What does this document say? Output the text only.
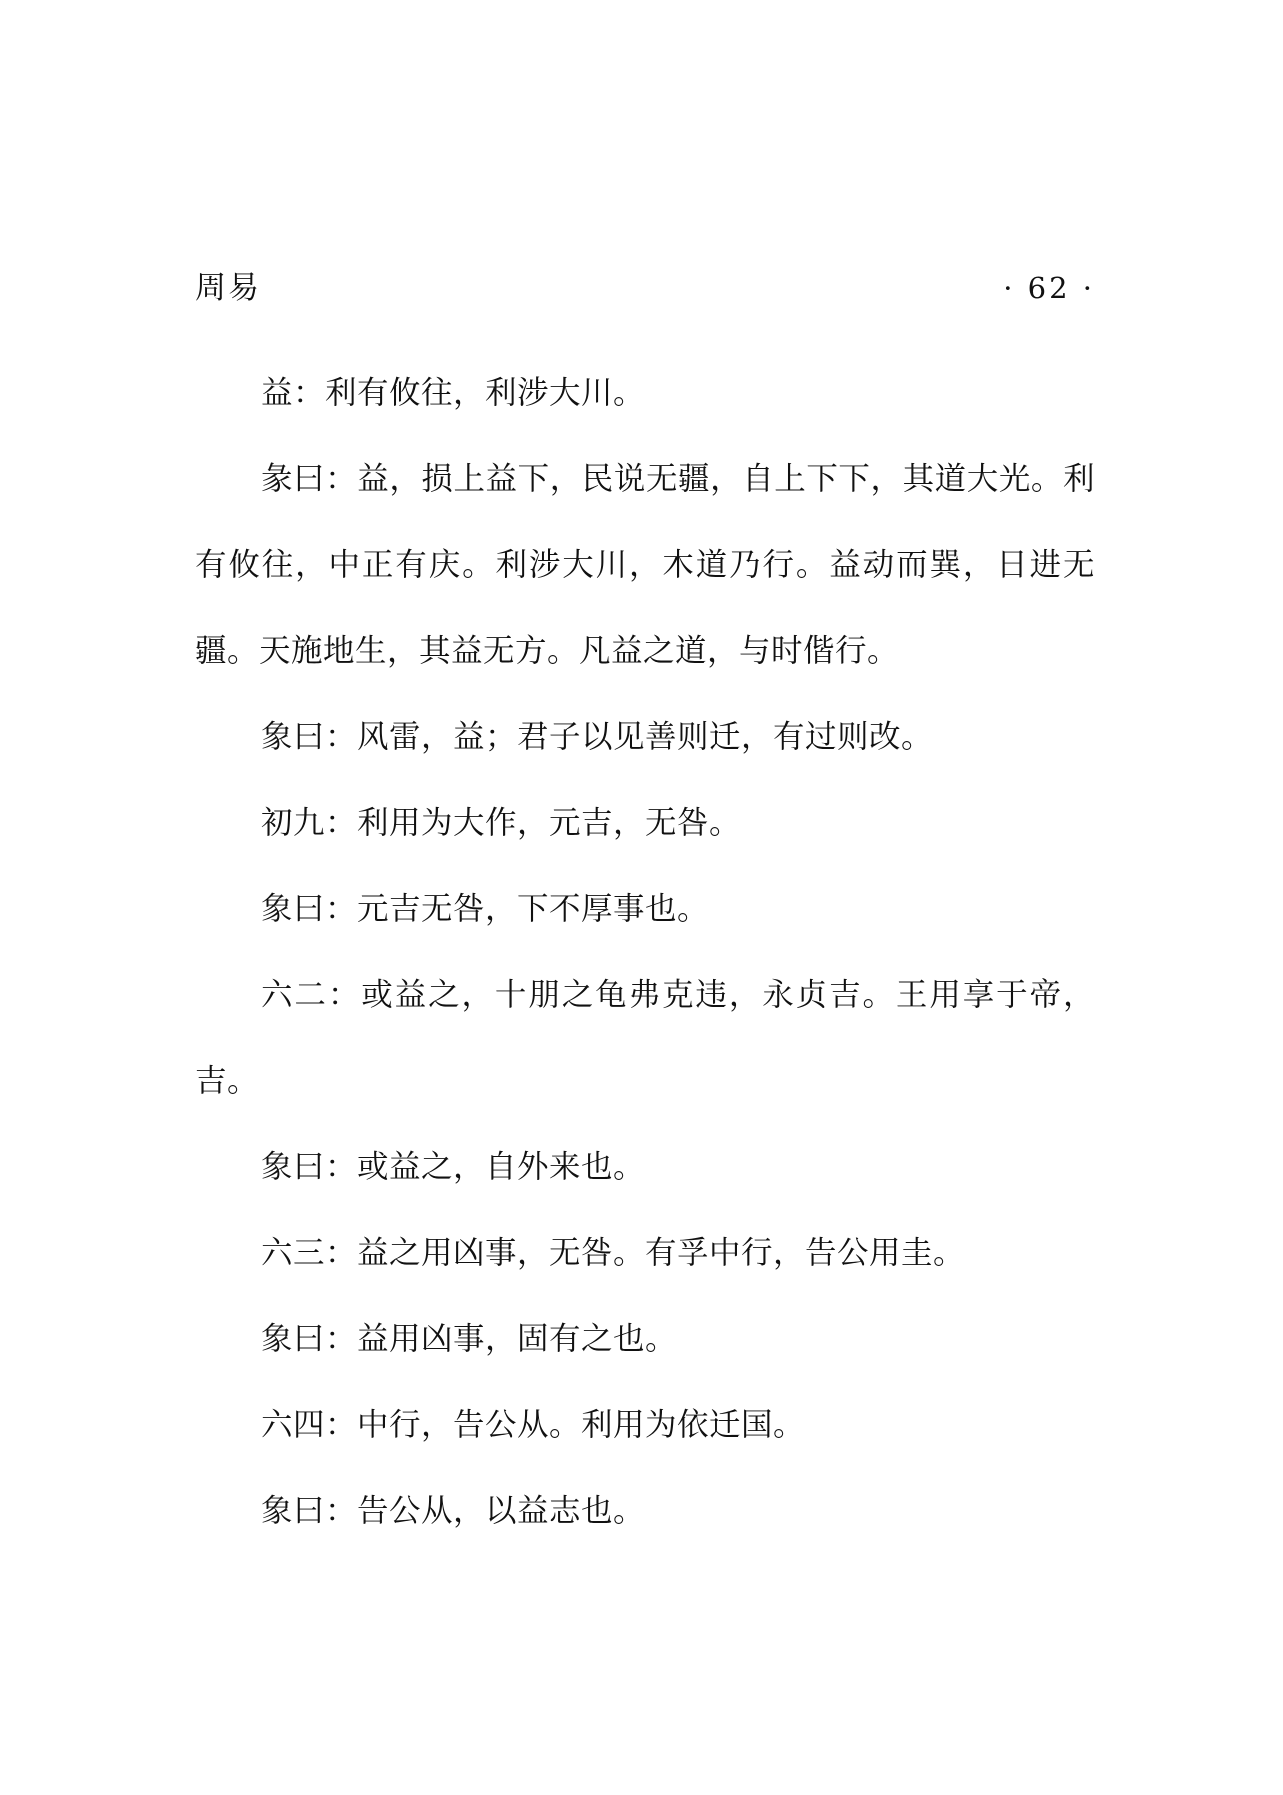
周易	· 62 ·

益：利有攸往，利涉大川。

彖曰：益，损上益下，民说无疆，自上下下，其道大光。利有攸往，中正有庆。利涉大川，木道乃行。益动而巽，日进无疆。天施地生，其益无方。凡益之道，与时偕行。

象曰：风雷，益；君子以见善则迁，有过则改。

初九：利用为大作，元吉，无咎。

象曰：元吉无咎，下不厚事也。

六二：或益之，十朋之龟弗克违，永贞吉。王用享于帝，吉。

象曰：或益之，自外来也。

六三：益之用凶事，无咎。有孚中行，告公用圭。

象曰：益用凶事，固有之也。

六四：中行，告公从。利用为依迁国。

象曰：告公从，以益志也。
